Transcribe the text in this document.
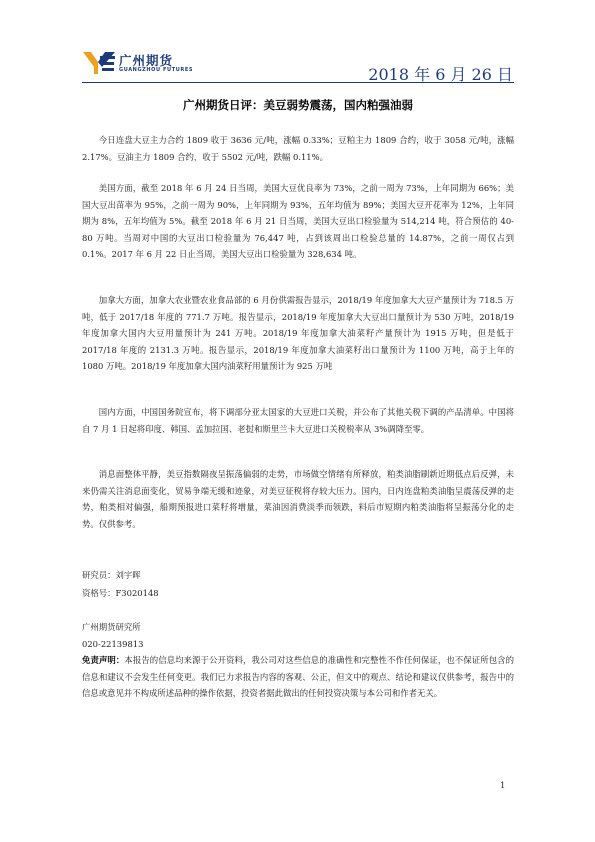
广州期货
GUANGZHOU FUTURES	2018 年 6 月 26 日
广州期货日评：美豆弱势震荡，国内粕强油弱

今日连盘大豆主力合约 1809 收于 3636 元/吨，涨幅 0.33%；豆粕主力 1809 合约，收于 3058 元/吨，涨幅 2.17%。豆油主力 1809 合约，收于 5502 元/吨，跌幅 0.11%。

美国方面，截至 2018 年 6 月 24 日当周，美国大豆优良率为 73%，之前一周为 73%，上年同期为 66%；美国大豆出苗率为 95%，之前一周为 90%，上年同期为 93%，五年均值为 89%；美国大豆开花率为 12%，上年同期为 8%，五年均值为 5%。截至 2018 年 6 月 21 日当周，美国大豆出口检验量为 514,214 吨，符合预估的 40-80 万吨。当周对中国的大豆出口检验量为 76,447 吨，占到该周出口检验总量的 14.87%，之前一周仅占到 0.1%。2017 年 6 月 22 日止当周，美国大豆出口检验量为 328,634 吨。

加拿大方面，加拿大农业暨农业食品部的 6 月份供需报告显示，2018/19 年度加拿大大豆产量预计为 718.5 万吨，低于 2017/18 年度的 771.7 万吨。报告显示，2018/19 年度加拿大大豆出口量预计为 530 万吨，2018/19 年度加拿大国内大豆用量预计为 241 万吨。2018/19 年度加拿大油菜籽产量预计为 1915 万吨，但是低于 2017/18 年度的 2131.3 万吨。报告显示，2018/19 年度加拿大油菜籽出口量预计为 1100 万吨，高于上年的 1080 万吨。2018/19 年度加拿大国内油菜籽用量预计为 925 万吨

国内方面，中国国务院宣布，将下调部分亚太国家的大豆进口关税，并公布了其他关税下调的产品清单。中国将自 7 月 1 日起将印度、韩国、孟加拉国、老挝和斯里兰卡大豆进口关税税率从 3%调降至零。

消息面整体平静，美豆指数隔夜呈振荡偏弱的走势，市场做空情绪有所释放，粕类油脂刷新近期低点后反弹，未来仍需关注消息面变化，贸易争端无缓和迹象，对美豆征税将存较大压力。国内，日内连盘粕类油脂呈震荡反弹的走势，粕类相对偏强，船期预报进口菜籽将增量，菜油因消费淡季而领跌，料后市短期内粕类油脂将呈振荡分化的走势。仅供参考。

研究员：刘宇晖
资格号：F3020148
广州期货研究所
020-22139813
免责声明：本报告的信息均来源于公开资料，我公司对这些信息的准确性和完整性不作任何保证，也不保证所包含的信息和建议不会发生任何变更。我们已力求报告内容的客观、公正，但文中的观点、结论和建议仅供参考，报告中的信息或意见并不构成所述品种的操作依据，投资者据此做出的任何投资决策与本公司和作者无关。
1
